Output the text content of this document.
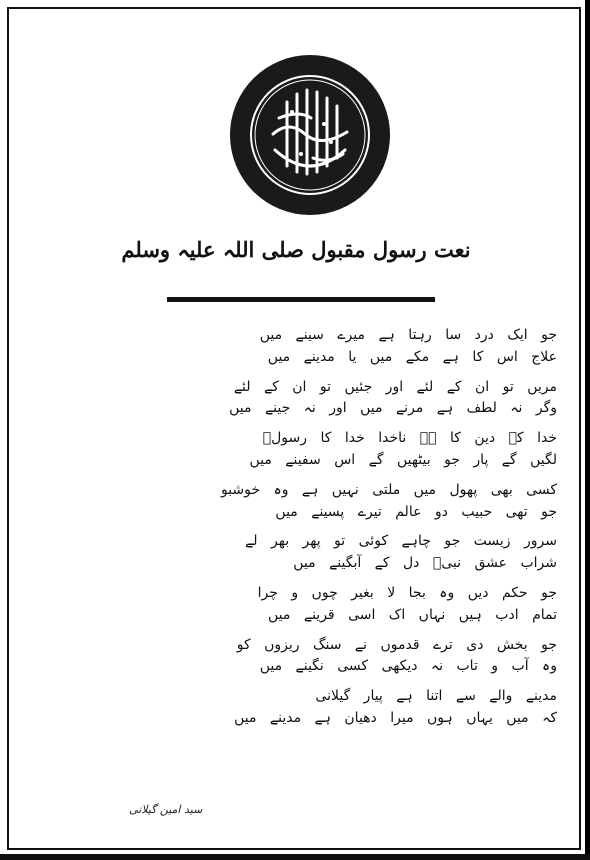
نعت رسول مقبول صلی اللہ علیہ وسلم
جو ایک درد سا رہتا ہے میرے سینے میں
علاج اس کا ہے مکے میں یا مدینے میں
مریں تو ان کے لئے اور جئیں تو ان کے لئے
وگر نہ لطف ہے مرنے میں اور نہ جینے میں
خدا کے دین کا ہے ناخدا خدا کا رسولؐ
لگیں گے پار جو بیٹھیں گے اس سفینے میں
کسی بھی پھول میں ملتی نہیں ہے وہ خوشبو
جو تھی حبیب دو عالم تیرے پسینے میں
سرور زیست جو چاہے کوئی تو پھر بھر لے
شراب عشق نبیؐ دل کے آبگینے میں
جو حکم دیں وہ بجا لا بغیر چوں و چرا
تمام ادب ہیں نہاں اک اسی قرینے میں
جو بخش دی ترے قدموں نے سنگ ریزوں کو
وہ آب و تاب نہ دیکھی کسی نگینے میں
مدینے والے سے اتنا ہے پیار گیلانی
کہ میں یہاں ہوں میرا دھیان ہے مدینے میں
سید امین گیلانی
